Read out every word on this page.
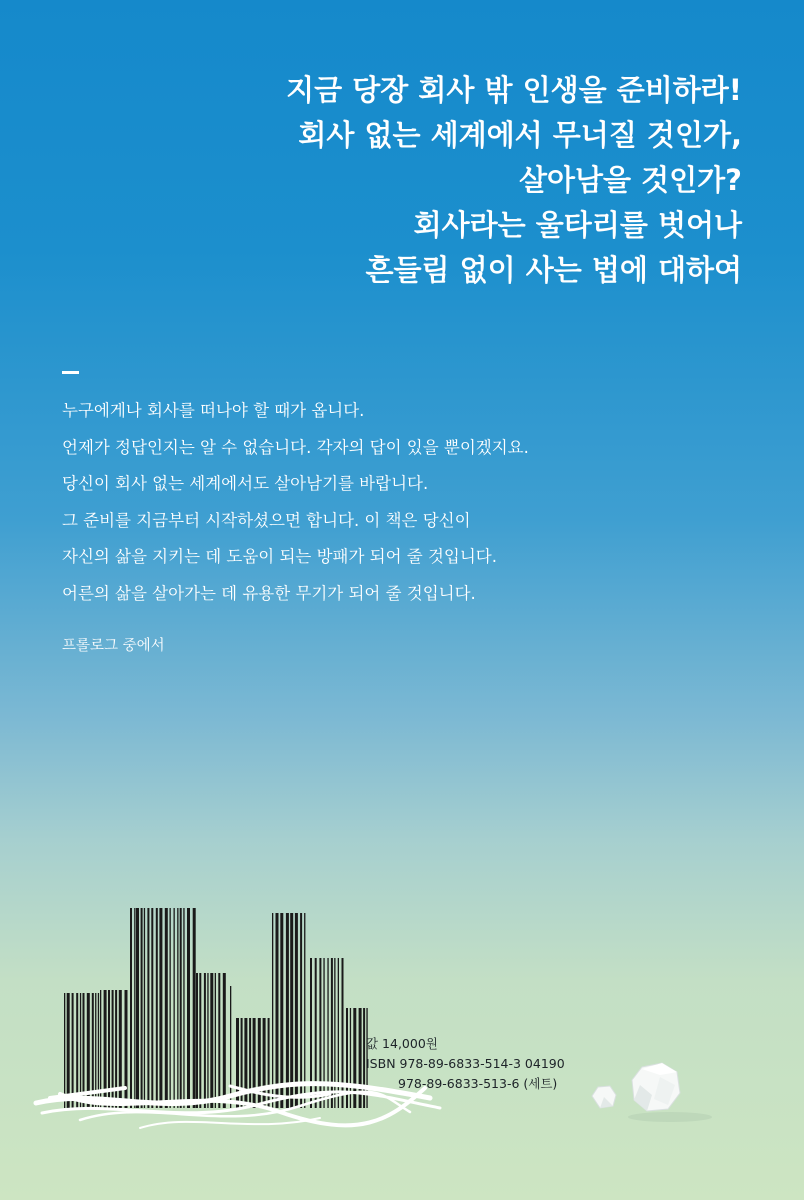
지금 당장 회사 밖 인생을 준비하라!
회사 없는 세계에서 무너질 것인가,
살아남을 것인가?
회사라는 울타리를 벗어나
흔들림 없이 사는 법에 대하여
누구에게나 회사를 떠나야 할 때가 옵니다.
언제가 정답인지는 알 수 없습니다. 각자의 답이 있을 뿐이겠지요.
당신이 회사 없는 세계에서도 살아남기를 바랍니다.
그 준비를 지금부터 시작하셨으면 합니다. 이 책은 당신이
자신의 삶을 지키는 데 도움이 되는 방패가 되어 줄 것입니다.
어른의 삶을 살아가는 데 유용한 무기가 되어 줄 것입니다.
프롤로그 중에서
값 14,000원
ISBN 978-89-6833-514-3 04190
978-89-6833-513-6 (세트)
